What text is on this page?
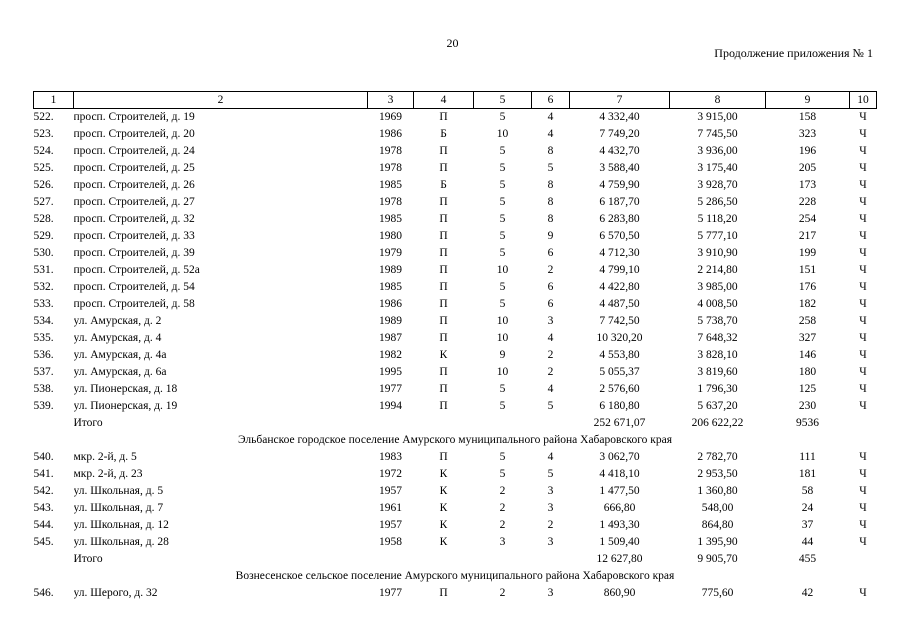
20
Продолжение приложения № 1
1	2	3	4	5	6	7	8	9	10
522.	просп. Строителей, д. 19	1969	П	5	4	4 332,40	3 915,00	158	Ч
523.	просп. Строителей, д. 20	1986	Б	10	4	7 749,20	7 745,50	323	Ч
524.	просп. Строителей, д. 24	1978	П	5	8	4 432,70	3 936,00	196	Ч
525.	просп. Строителей, д. 25	1978	П	5	5	3 588,40	3 175,40	205	Ч
526.	просп. Строителей, д. 26	1985	Б	5	8	4 759,90	3 928,70	173	Ч
527.	просп. Строителей, д. 27	1978	П	5	8	6 187,70	5 286,50	228	Ч
528.	просп. Строителей, д. 32	1985	П	5	8	6 283,80	5 118,20	254	Ч
529.	просп. Строителей, д. 33	1980	П	5	9	6 570,50	5 777,10	217	Ч
530.	просп. Строителей, д. 39	1979	П	5	6	4 712,30	3 910,90	199	Ч
531.	просп. Строителей, д. 52а	1989	П	10	2	4 799,10	2 214,80	151	Ч
532.	просп. Строителей, д. 54	1985	П	5	6	4 422,80	3 985,00	176	Ч
533.	просп. Строителей, д. 58	1986	П	5	6	4 487,50	4 008,50	182	Ч
534.	ул. Амурская, д. 2	1989	П	10	3	7 742,50	5 738,70	258	Ч
535.	ул. Амурская, д. 4	1987	П	10	4	10 320,20	7 648,32	327	Ч
536.	ул. Амурская, д. 4а	1982	К	9	2	4 553,80	3 828,10	146	Ч
537.	ул. Амурская, д. 6а	1995	П	10	2	5 055,37	3 819,60	180	Ч
538.	ул. Пионерская, д. 18	1977	П	5	4	2 576,60	1 796,30	125	Ч
539.	ул. Пионерская, д. 19	1994	П	5	5	6 180,80	5 637,20	230	Ч
	Итого					252 671,07	206 622,22	9536	
Эльбанское городское поселение Амурского муниципального района Хабаровского края									
540.	мкр. 2-й, д. 5	1983	П	5	4	3 062,70	2 782,70	111	Ч
541.	мкр. 2-й, д. 23	1972	К	5	5	4 418,10	2 953,50	181	Ч
542.	ул. Школьная, д. 5	1957	К	2	3	1 477,50	1 360,80	58	Ч
543.	ул. Школьная, д. 7	1961	К	2	3	666,80	548,00	24	Ч
544.	ул. Школьная, д. 12	1957	К	2	2	1 493,30	864,80	37	Ч
545.	ул. Школьная, д. 28	1958	К	3	3	1 509,40	1 395,90	44	Ч
	Итого					12 627,80	9 905,70	455	
Вознесенское сельское поселение Амурского муниципального района Хабаровского края									
546.	ул. Шерого, д. 32	1977	П	2	3	860,90	775,60	42	Ч
